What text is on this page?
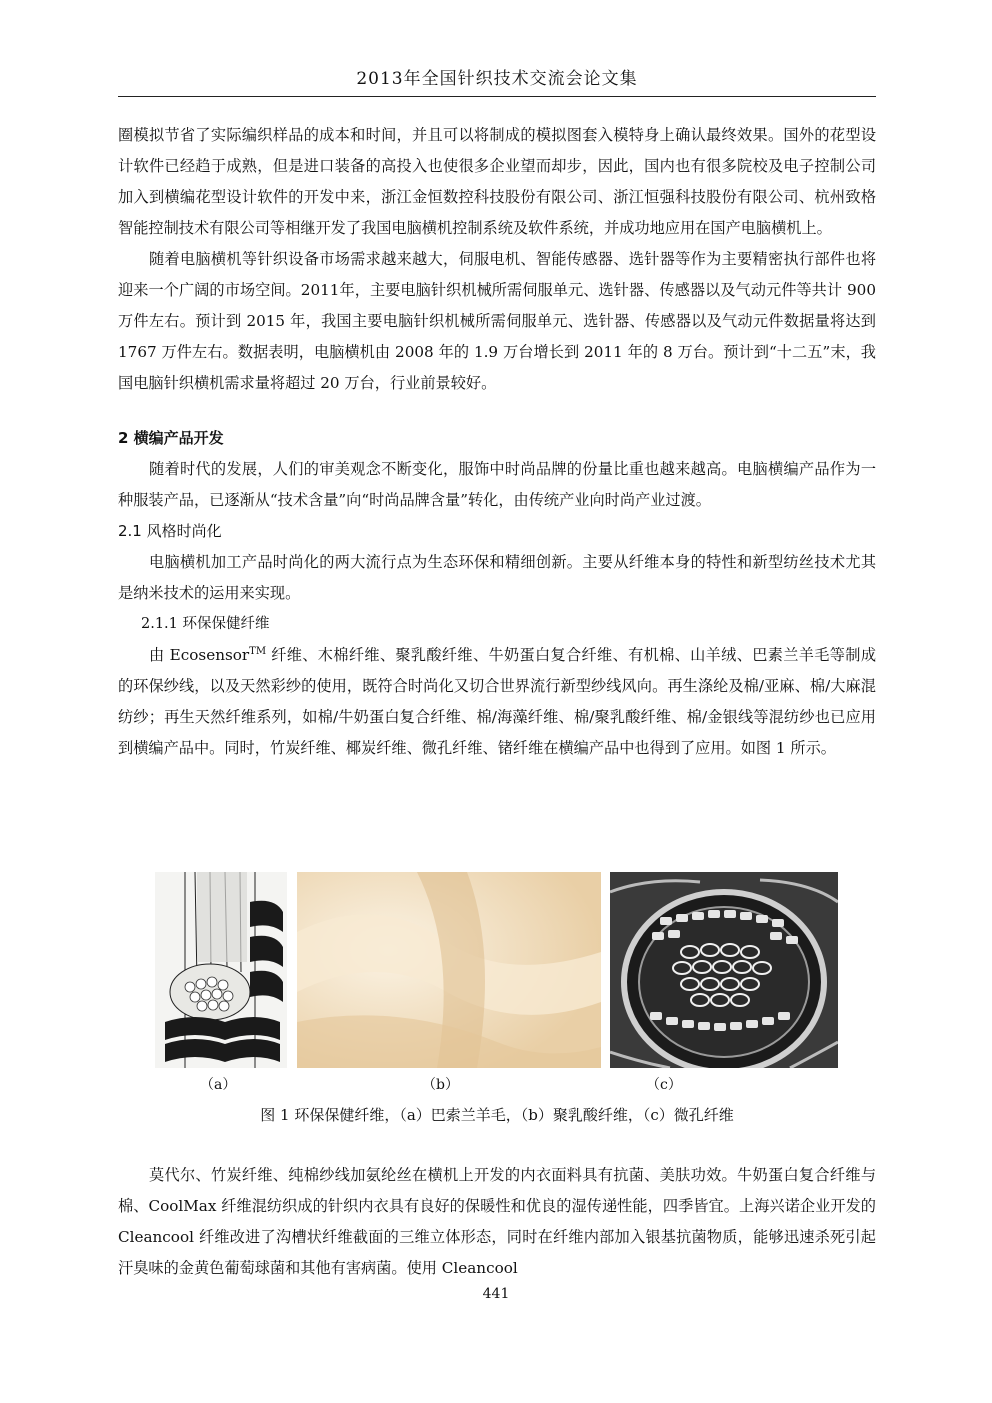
2013年全国针织技术交流会论文集

圈模拟节省了实际编织样品的成本和时间，并且可以将制成的模拟图套入模特身上确认最终效果。国外的花型设计软件已经趋于成熟，但是进口装备的高投入也使很多企业望而却步，因此，国内也有很多院校及电子控制公司加入到横编花型设计软件的开发中来，浙江金恒数控科技股份有限公司、浙江恒强科技股份有限公司、杭州致格智能控制技术有限公司等相继开发了我国电脑横机控制系统及软件系统，并成功地应用在国产电脑横机上。

随着电脑横机等针织设备市场需求越来越大，伺服电机、智能传感器、选针器等作为主要精密执行部件也将迎来一个广阔的市场空间。2011年，主要电脑针织机械所需伺服单元、选针器、传感器以及气动元件等共计 900 万件左右。预计到 2015 年，我国主要电脑针织机械所需伺服单元、选针器、传感器以及气动元件数据量将达到 1767 万件左右。数据表明，电脑横机由 2008 年的 1.9 万台增长到 2011 年的 8 万台。预计到“十二五”末，我国电脑针织横机需求量将超过 20 万台，行业前景较好。

2 横编产品开发

随着时代的发展，人们的审美观念不断变化，服饰中时尚品牌的份量比重也越来越高。电脑横编产品作为一种服装产品，已逐渐从“技术含量”向“时尚品牌含量”转化，由传统产业向时尚产业过渡。

2.1 风格时尚化

电脑横机加工产品时尚化的两大流行点为生态环保和精细创新。主要从纤维本身的特性和新型纺丝技术尤其是纳米技术的运用来实现。

2.1.1 环保保健纤维

由 Ecosensor™ 纤维、木棉纤维、聚乳酸纤维、牛奶蛋白复合纤维、有机棉、山羊绒、巴素兰羊毛等制成的环保纱线，以及天然彩纱的使用，既符合时尚化又切合世界流行新型纱线风向。再生涤纶及棉/亚麻、棉/大麻混纺纱；再生天然纤维系列，如棉/牛奶蛋白复合纤维、棉/海藻纤维、棉/聚乳酸纤维、棉/金银线等混纺纱也已应用到横编产品中。同时，竹炭纤维、椰炭纤维、微孔纤维、锗纤维在横编产品中也得到了应用。如图 1 所示。

（a）	（b）	（c）
图 1 环保保健纤维，（a）巴索兰羊毛，（b）聚乳酸纤维，（c）微孔纤维

莫代尔、竹炭纤维、纯棉纱线加氨纶丝在横机上开发的内衣面料具有抗菌、美肤功效。牛奶蛋白复合纤维与棉、CoolMax 纤维混纺织成的针织内衣具有良好的保暖性和优良的湿传递性能，四季皆宜。上海兴诺企业开发的 Cleancool 纤维改进了沟槽状纤维截面的三维立体形态，同时在纤维内部加入银基抗菌物质，能够迅速杀死引起汗臭味的金黄色葡萄球菌和其他有害病菌。使用 Cleancool

441
